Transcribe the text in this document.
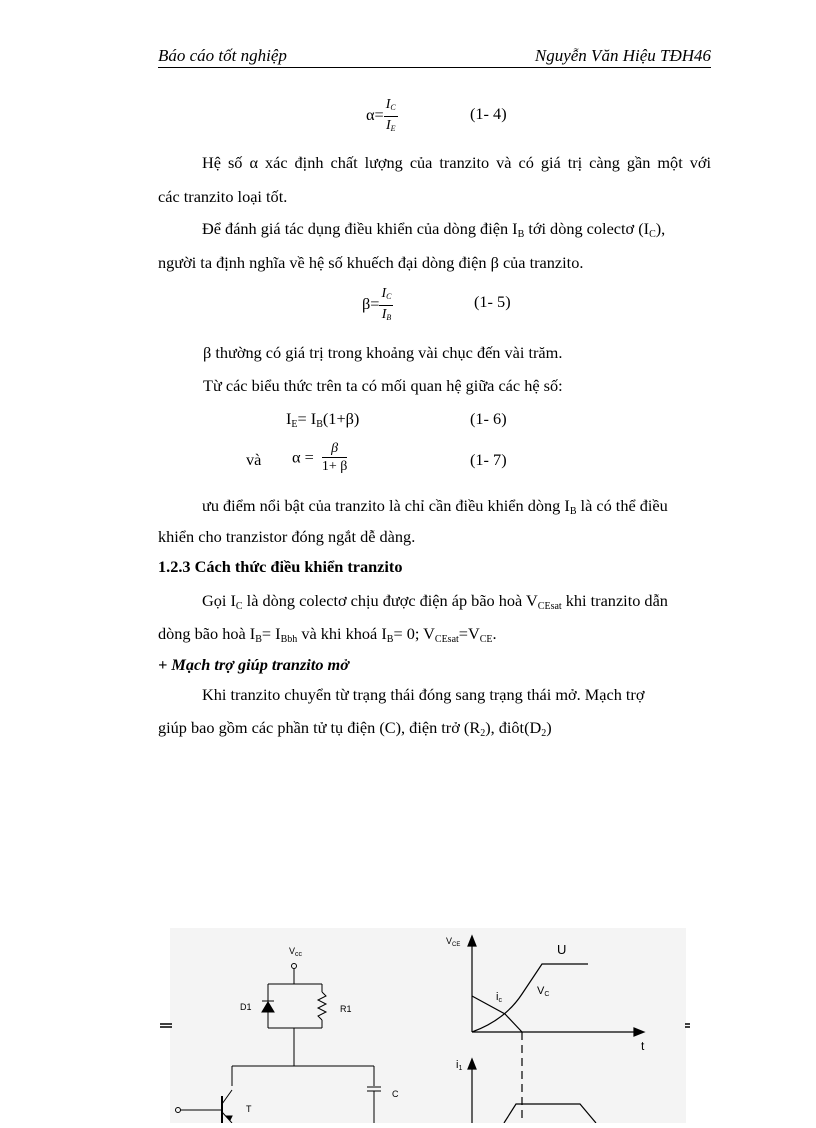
Báo cáo tốt nghiệp	Nguyễn Văn Hiệu TĐH46
$\alpha= \frac{I_C}{I_E}$	(1- 4)
Hệ số α xác định chất lượng của tranzito và có giá trị càng gần một với
các tranzito loại tốt.
Để đánh giá tác dụng điều khiển của dòng điện $I_B$ tới dòng colectơ $(I_C)$,
người ta định nghĩa về hệ số khuếch đại dòng điện β của tranzito.
$\beta= \frac{I_C}{I_B}$	(1- 5)
β thường có giá trị trong khoảng vài chục đến vài trăm.
Từ các biểu thức trên ta có mối quan hệ giữa các hệ số:
$I_E= I_B(1+\beta)$	(1- 6)
và $\alpha = \frac{\beta}{1+ \beta}$	(1- 7)
ưu điểm nổi bật của tranzito là chỉ cần điều khiển dòng $I_B$ là có thể điều
khiển cho tranzistor đóng ngắt dễ dàng.
1.2.3 Cách thức điều khiển tranzito
Gọi $I_C$ là dòng colectơ chịu được điện áp bão hoà $V_{CEsat}$ khi tranzito dẫn
dòng bão hoà $I_B= I_{Bbh}$ và khi khoá $I_B= 0$; $V_{CEsat}=V_{CE}$.
+ Mạch trợ giúp tranzito mở
Khi tranzito chuyển từ trạng thái đóng sang trạng thái mở. Mạch trợ
giúp bao gồm các phần tử tụ điện (C), điện trở $(R_2)$, $điôt(D_2)$
$V_{cc}$
D1	R1
C
T
$V_{CE}$	U
VC
ic
t
i1
